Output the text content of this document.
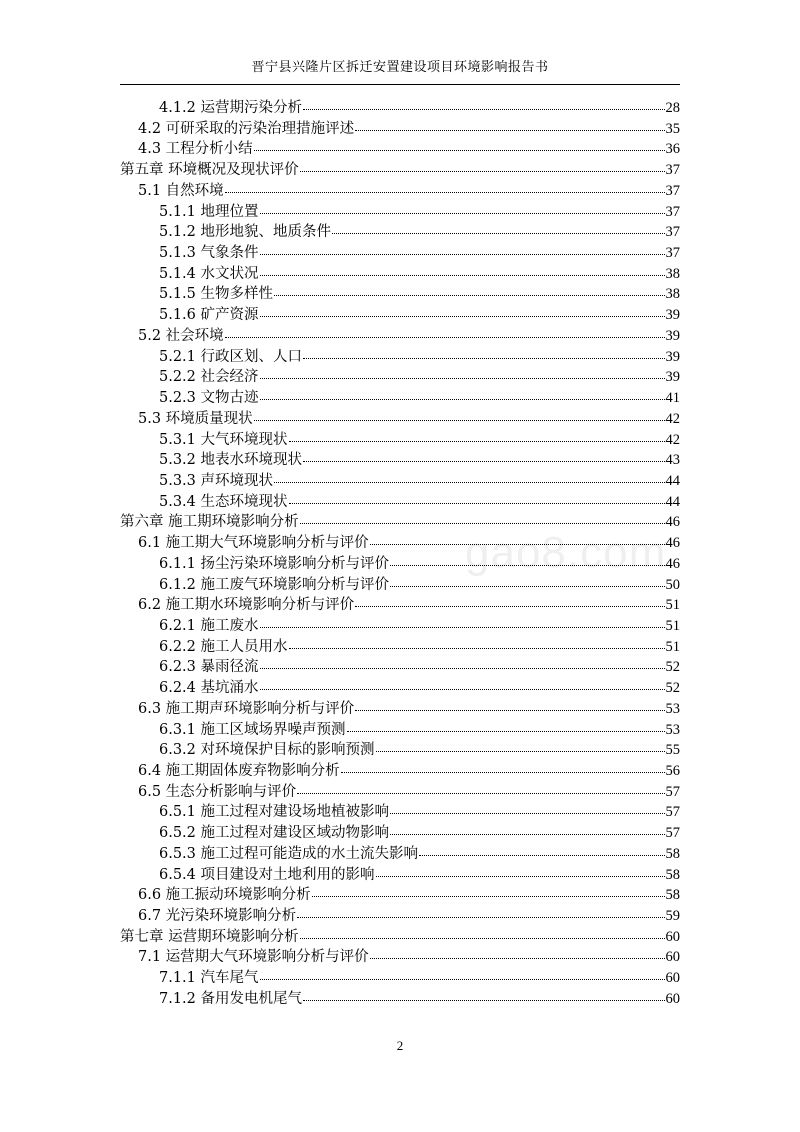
晋宁县兴隆片区拆迁安置建设项目环境影响报告书
gao8.com
4.1.2 运营期污染分析	28
4.2 可研采取的污染治理措施评述	35
4.3 工程分析小结	36
第五章 环境概况及现状评价	37
5.1 自然环境	37
5.1.1 地理位置	37
5.1.2 地形地貌、地质条件	37
5.1.3 气象条件	37
5.1.4 水文状况	38
5.1.5 生物多样性	38
5.1.6 矿产资源	39
5.2 社会环境	39
5.2.1 行政区划、人口	39
5.2.2 社会经济	39
5.2.3 文物古迹	41
5.3 环境质量现状	42
5.3.1 大气环境现状	42
5.3.2 地表水环境现状	43
5.3.3 声环境现状	44
5.3.4 生态环境现状	44
第六章 施工期环境影响分析	46
6.1 施工期大气环境影响分析与评价	46
6.1.1 扬尘污染环境影响分析与评价	46
6.1.2 施工废气环境影响分析与评价	50
6.2 施工期水环境影响分析与评价	51
6.2.1 施工废水	51
6.2.2 施工人员用水	51
6.2.3 暴雨径流	52
6.2.4 基坑涌水	52
6.3 施工期声环境影响分析与评价	53
6.3.1 施工区域场界噪声预测	53
6.3.2 对环境保护目标的影响预测	55
6.4 施工期固体废弃物影响分析	56
6.5 生态分析影响与评价	57
6.5.1 施工过程对建设场地植被影响	57
6.5.2 施工过程对建设区域动物影响	57
6.5.3 施工过程可能造成的水土流失影响	58
6.5.4 项目建设对土地利用的影响	58
6.6 施工振动环境影响分析	58
6.7 光污染环境影响分析	59
第七章 运营期环境影响分析	60
7.1 运营期大气环境影响分析与评价	60
7.1.1 汽车尾气	60
7.1.2 备用发电机尾气	60
2
